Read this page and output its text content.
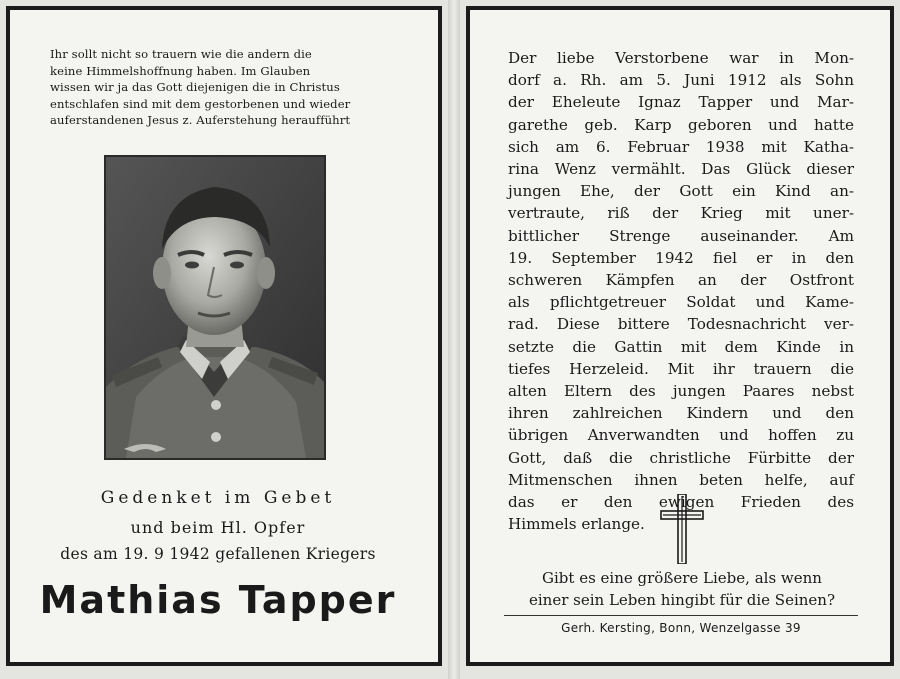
Ihr sollt nicht so trauern wie die andern die
keine Himmelshoffnung haben. Im Glauben
wissen wir ja das Gott diejenigen die in Christus
entschlafen sind mit dem gestorbenen und wieder
auferstandenen Jesus z. Auferstehung heraufführt
Gedenket im Gebet
und beim Hl. Opfer
des am 19. 9 1942 gefallenen Kriegers
Mathias Tapper
Der liebe Verstorbene war in Mon-
dorf a. Rh. am 5. Juni 1912 als Sohn
der Eheleute Ignaz Tapper und Mar-
garethe geb. Karp geboren und hatte
sich am 6. Februar 1938 mit Katha-
rina Wenz vermählt. Das Glück dieser
jungen Ehe, der Gott ein Kind an-
vertraute, riß der Krieg mit uner-
bittlicher Strenge auseinander. Am
19. September 1942 fiel er in den
schweren Kämpfen an der Ostfront
als pflichtgetreuer Soldat und Kame-
rad. Diese bittere Todesnachricht ver-
setzte die Gattin mit dem Kinde in
tiefes Herzeleid. Mit ihr trauern die
alten Eltern des jungen Paares nebst
ihren zahlreichen Kindern und den
übrigen Anverwandten und hoffen zu
Gott, daß die christliche Fürbitte der
Mitmenschen ihnen beten helfe, auf
das er den ewigen Frieden des
Himmels erlange.
Gibt es eine größere Liebe, als wenn
einer sein Leben hingibt für die Seinen?
Gerh. Kersting, Bonn, Wenzelgasse 39
